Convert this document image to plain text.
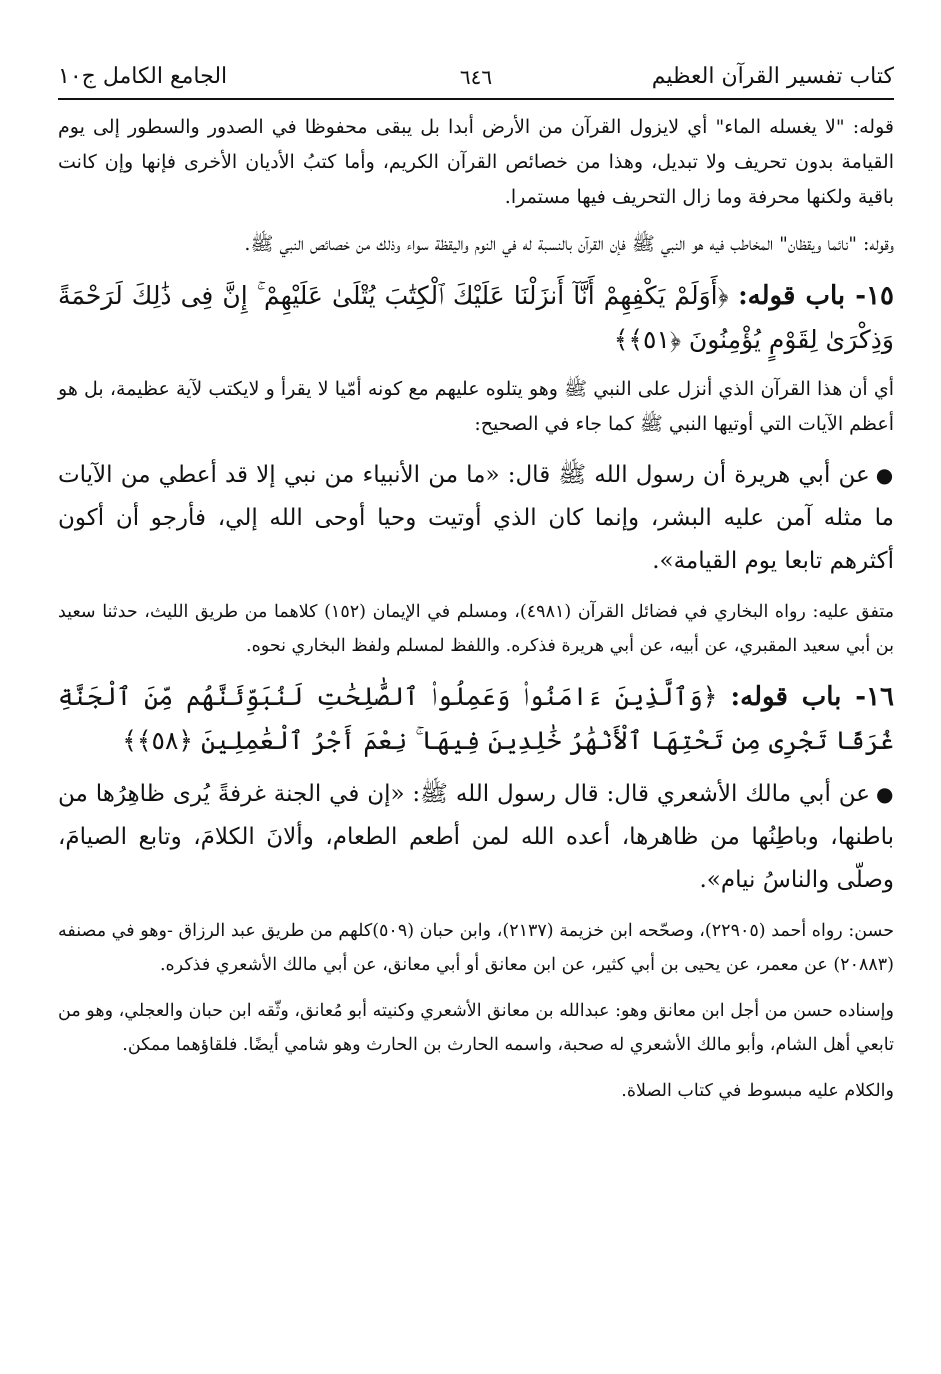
كتاب تفسير القرآن العظيم
٦٤٦
الجامع الكامل ج١٠

قوله: "لا يغسله الماء" أي لايزول القرآن من الأرض أبدا بل يبقى محفوظا في الصدور والسطور إلى يوم القيامة بدون تحريف ولا تبديل، وهذا من خصائص القرآن الكريم، وأما كتبُ الأديان الأخرى فإنها وإن كانت باقية ولكنها محرفة وما زال التحريف فيها مستمرا.

وقوله: "نائما ويقظان" المخاطب فيه هو النبي ﷺ فإن القرآن بالنسبة له في النوم واليقظة سواء وذلك من خصائص النبي ﷺ.

١٥- باب قوله: ﴿أَوَلَمْ يَكْفِهِمْ أَنَّآ أَنزَلْنَا عَلَيْكَ ٱلْكِتَٰبَ يُتْلَىٰ عَلَيْهِمْ ۚ إِنَّ فِى ذَٰلِكَ لَرَحْمَةً وَذِكْرَىٰ لِقَوْمٍ يُؤْمِنُونَ ﴿٥١﴾﴾

أي أن هذا القرآن الذي أنزل على النبي ﷺ وهو يتلوه عليهم مع كونه أمّيا لا يقرأ و لايكتب لآية عظيمة، بل هو أعظم الآيات التي أوتيها النبي ﷺ كما جاء في الصحيح:

●عن أبي هريرة أن رسول الله ﷺ قال: «ما من الأنبياء من نبي إلا قد أعطي من الآيات ما مثله آمن عليه البشر، وإنما كان الذي أوتيت وحيا أوحى الله إلي، فأرجو أن أكون أكثرهم تابعا يوم القيامة».

متفق عليه: رواه البخاري في فضائل القرآن (٤٩٨١)، ومسلم في الإيمان (١٥٢) كلاهما من طريق الليث، حدثنا سعيد بن أبي سعيد المقبري، عن أبيه، عن أبي هريرة فذكره. واللفظ لمسلم ولفظ البخاري نحوه.

١٦- باب قوله: ﴿وَٱلَّذِينَ ءَامَنُوا۟ وَعَمِلُوا۟ ٱلصَّٰلِحَٰتِ لَنُبَوِّئَنَّهُم مِّنَ ٱلْجَنَّةِ غُرَفًا تَجْرِى مِن تَحْتِهَا ٱلْأَنْهَٰرُ خَٰلِدِينَ فِيهَا ۚ نِعْمَ أَجْرُ ٱلْعَٰمِلِينَ ﴿٥٨﴾﴾

●عن أبي مالك الأشعري قال: قال رسول الله ﷺ: «إن في الجنة غرفةً يُرى ظاهِرُها من باطنها، وباطِنُها من ظاهرها، أعده الله لمن أطعم الطعام، وألانَ الكلامَ، وتابع الصيامَ، وصلّى والناسُ نيام».

حسن: رواه أحمد (٢٢٩٠٥)، وصحّحه ابن خزيمة (٢١٣٧)، وابن حبان (٥٠٩)كلهم من طريق عبد الرزاق -وهو في مصنفه (٢٠٨٨٣) عن معمر، عن يحيى بن أبي كثير، عن ابن معانق أو أبي معانق، عن أبي مالك الأشعري فذكره.

وإسناده حسن من أجل ابن معانق وهو: عبدالله بن معانق الأشعري وكنيته أبو مُعانق، وثّقه ابن حبان والعجلي، وهو من تابعي أهل الشام، وأبو مالك الأشعري له صحبة، واسمه الحارث بن الحارث وهو شامي أيضًا. فلقاؤهما ممكن.

والكلام عليه مبسوط في كتاب الصلاة.
